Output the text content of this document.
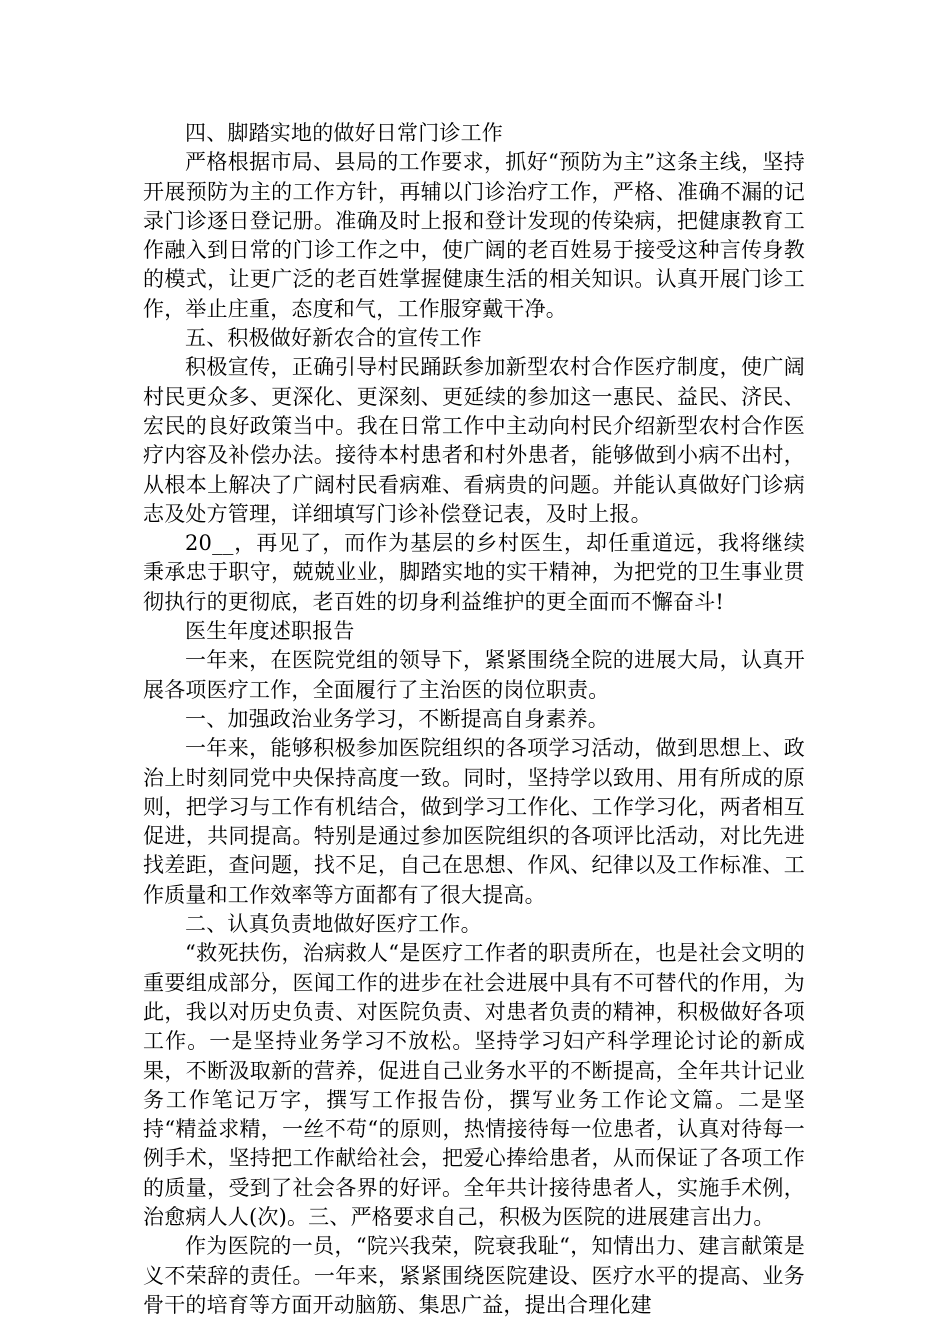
四、脚踏实地的做好日常门诊工作

严格根据市局、县局的工作要求，抓好“预防为主”这条主线，坚持开展预防为主的工作方针，再辅以门诊治疗工作，严格、准确不漏的记录门诊逐日登记册。准确及时上报和登计发现的传染病，把健康教育工作融入到日常的门诊工作之中，使广阔的老百姓易于接受这种言传身教的模式，让更广泛的老百姓掌握健康生活的相关知识。认真开展门诊工作，举止庄重，态度和气，工作服穿戴干净。

五、积极做好新农合的宣传工作

积极宣传，正确引导村民踊跃参加新型农村合作医疗制度，使广阔村民更众多、更深化、更深刻、更延续的参加这一惠民、益民、济民、宏民的良好政策当中。我在日常工作中主动向村民介绍新型农村合作医疗内容及补偿办法。接待本村患者和村外患者，能够做到小病不出村，从根本上解决了广阔村民看病难、看病贵的问题。并能认真做好门诊病志及处方管理，详细填写门诊补偿登记表，及时上报。

20__，再见了，而作为基层的乡村医生，却任重道远，我将继续秉承忠于职守，兢兢业业，脚踏实地的实干精神，为把党的卫生事业贯彻执行的更彻底，老百姓的切身利益维护的更全面而不懈奋斗!

医生年度述职报告

一年来，在医院党组的领导下，紧紧围绕全院的进展大局，认真开展各项医疗工作，全面履行了主治医的岗位职责。

一、加强政治业务学习，不断提高自身素养。

一年来，能够积极参加医院组织的各项学习活动，做到思想上、政治上时刻同党中央保持高度一致。同时，坚持学以致用、用有所成的原则，把学习与工作有机结合，做到学习工作化、工作学习化，两者相互促进，共同提高。特别是通过参加医院组织的各项评比活动，对比先进找差距，查问题，找不足，自己在思想、作风、纪律以及工作标准、工作质量和工作效率等方面都有了很大提高。

二、认真负责地做好医疗工作。

“救死扶伤，治病救人“是医疗工作者的职责所在，也是社会文明的重要组成部分，医闻工作的进步在社会进展中具有不可替代的作用，为此，我以对历史负责、对医院负责、对患者负责的精神，积极做好各项工作。一是坚持业务学习不放松。坚持学习妇产科学理论讨论的新成果，不断汲取新的营养，促进自己业务水平的不断提高，全年共计记业务工作笔记万字，撰写工作报告份，撰写业务工作论文篇。二是坚持“精益求精，一丝不苟“的原则，热情接待每一位患者，认真对待每一例手术，坚持把工作献给社会，把爱心捧给患者，从而保证了各项工作的质量，受到了社会各界的好评。全年共计接待患者人，实施手术例，治愈病人人(次)。三、严格要求自己，积极为医院的进展建言出力。

作为医院的一员，“院兴我荣，院衰我耻“，知情出力、建言献策是义不荣辞的责任。一年来，紧紧围绕医院建设、医疗水平的提高、业务骨干的培育等方面开动脑筋、集思广益，提出合理化建
